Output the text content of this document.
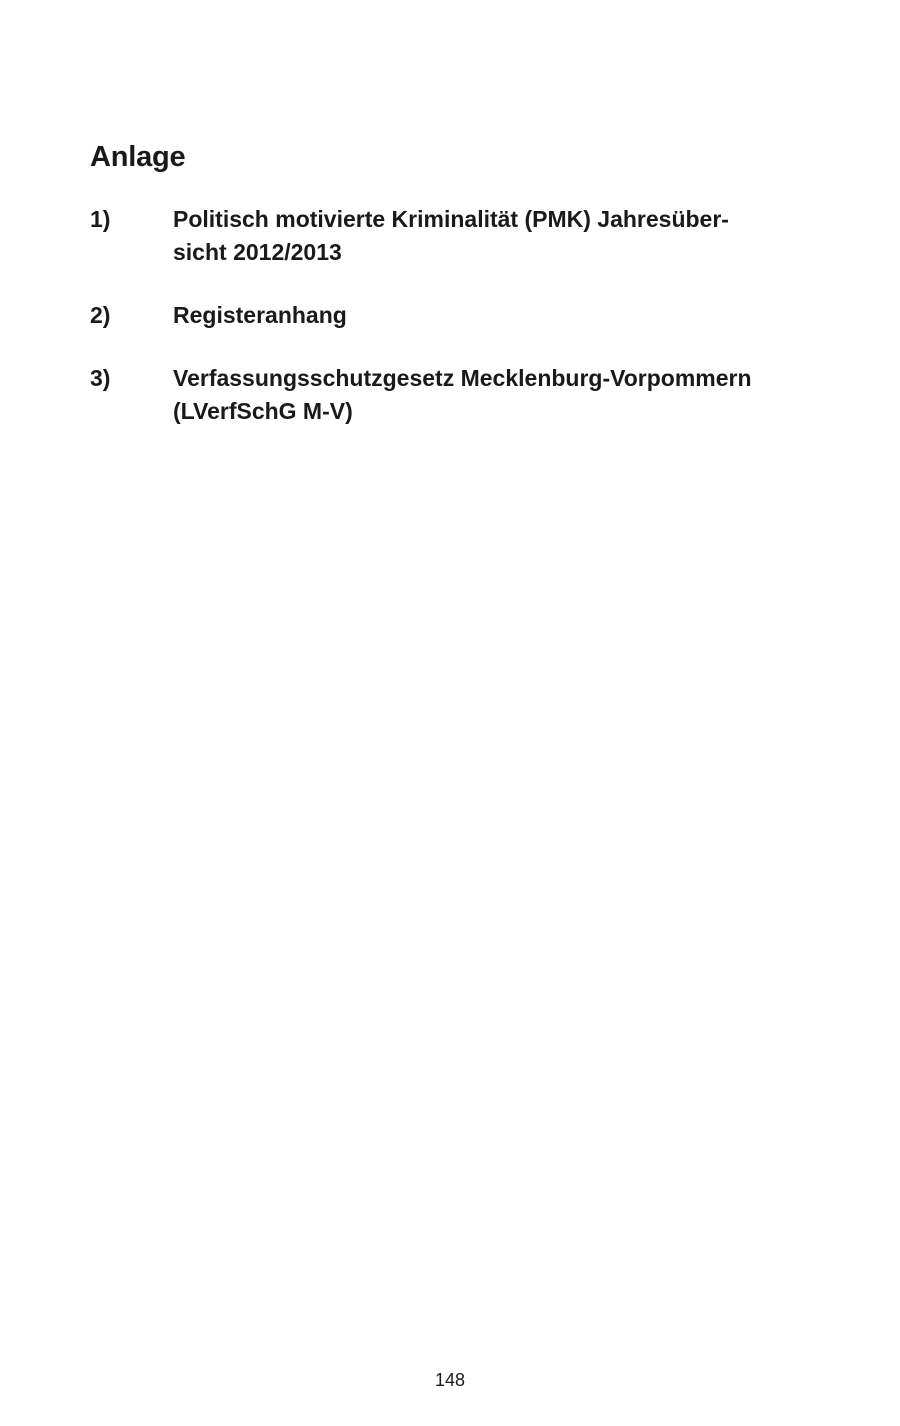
Anlage
1)	Politisch motivierte Kriminalität (PMK) Jahresüber-
sicht 2012/2013
2)	Registeranhang
3)	Verfassungsschutzgesetz Mecklenburg-Vorpommern
(LVerfSchG M-V)
148
